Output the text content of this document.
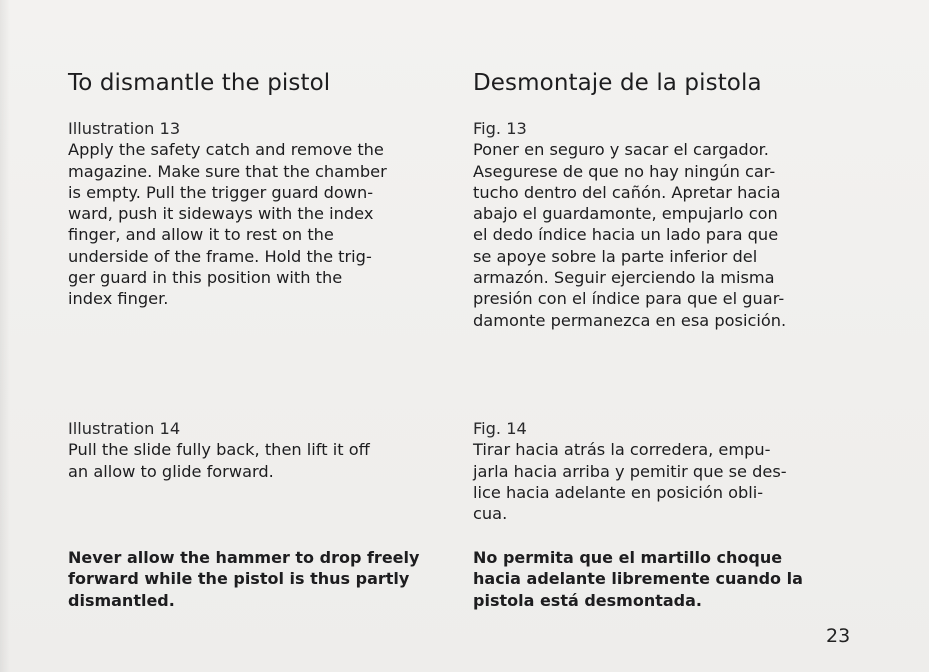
To dismantle the pistol
Illustration 13
Apply the safety catch and remove the
magazine. Make sure that the chamber
is empty. Pull the trigger guard down-
ward, push it sideways with the index
finger, and allow it to rest on the
underside of the frame. Hold the trig-
ger guard in this position with the
index finger.
Illustration 14
Pull the slide fully back, then lift it off
an allow to glide forward.
Never allow the hammer to drop freely
forward while the pistol is thus partly
dismantled.
Desmontaje de la pistola
Fig. 13
Poner en seguro y sacar el cargador.
Asegurese de que no hay ningún car-
tucho dentro del cañón. Apretar hacia
abajo el guardamonte, empujarlo con
el dedo índice hacia un lado para que
se apoye sobre la parte inferior del
armazón. Seguir ejerciendo la misma
presión con el índice para que el guar-
damonte permanezca en esa posición.
Fig. 14
Tirar hacia atrás la corredera, empu-
jarla hacia arriba y pemitir que se des-
lice hacia adelante en posición obli-
cua.
No permita que el martillo choque
hacia adelante libremente cuando la
pistola está desmontada.
23
